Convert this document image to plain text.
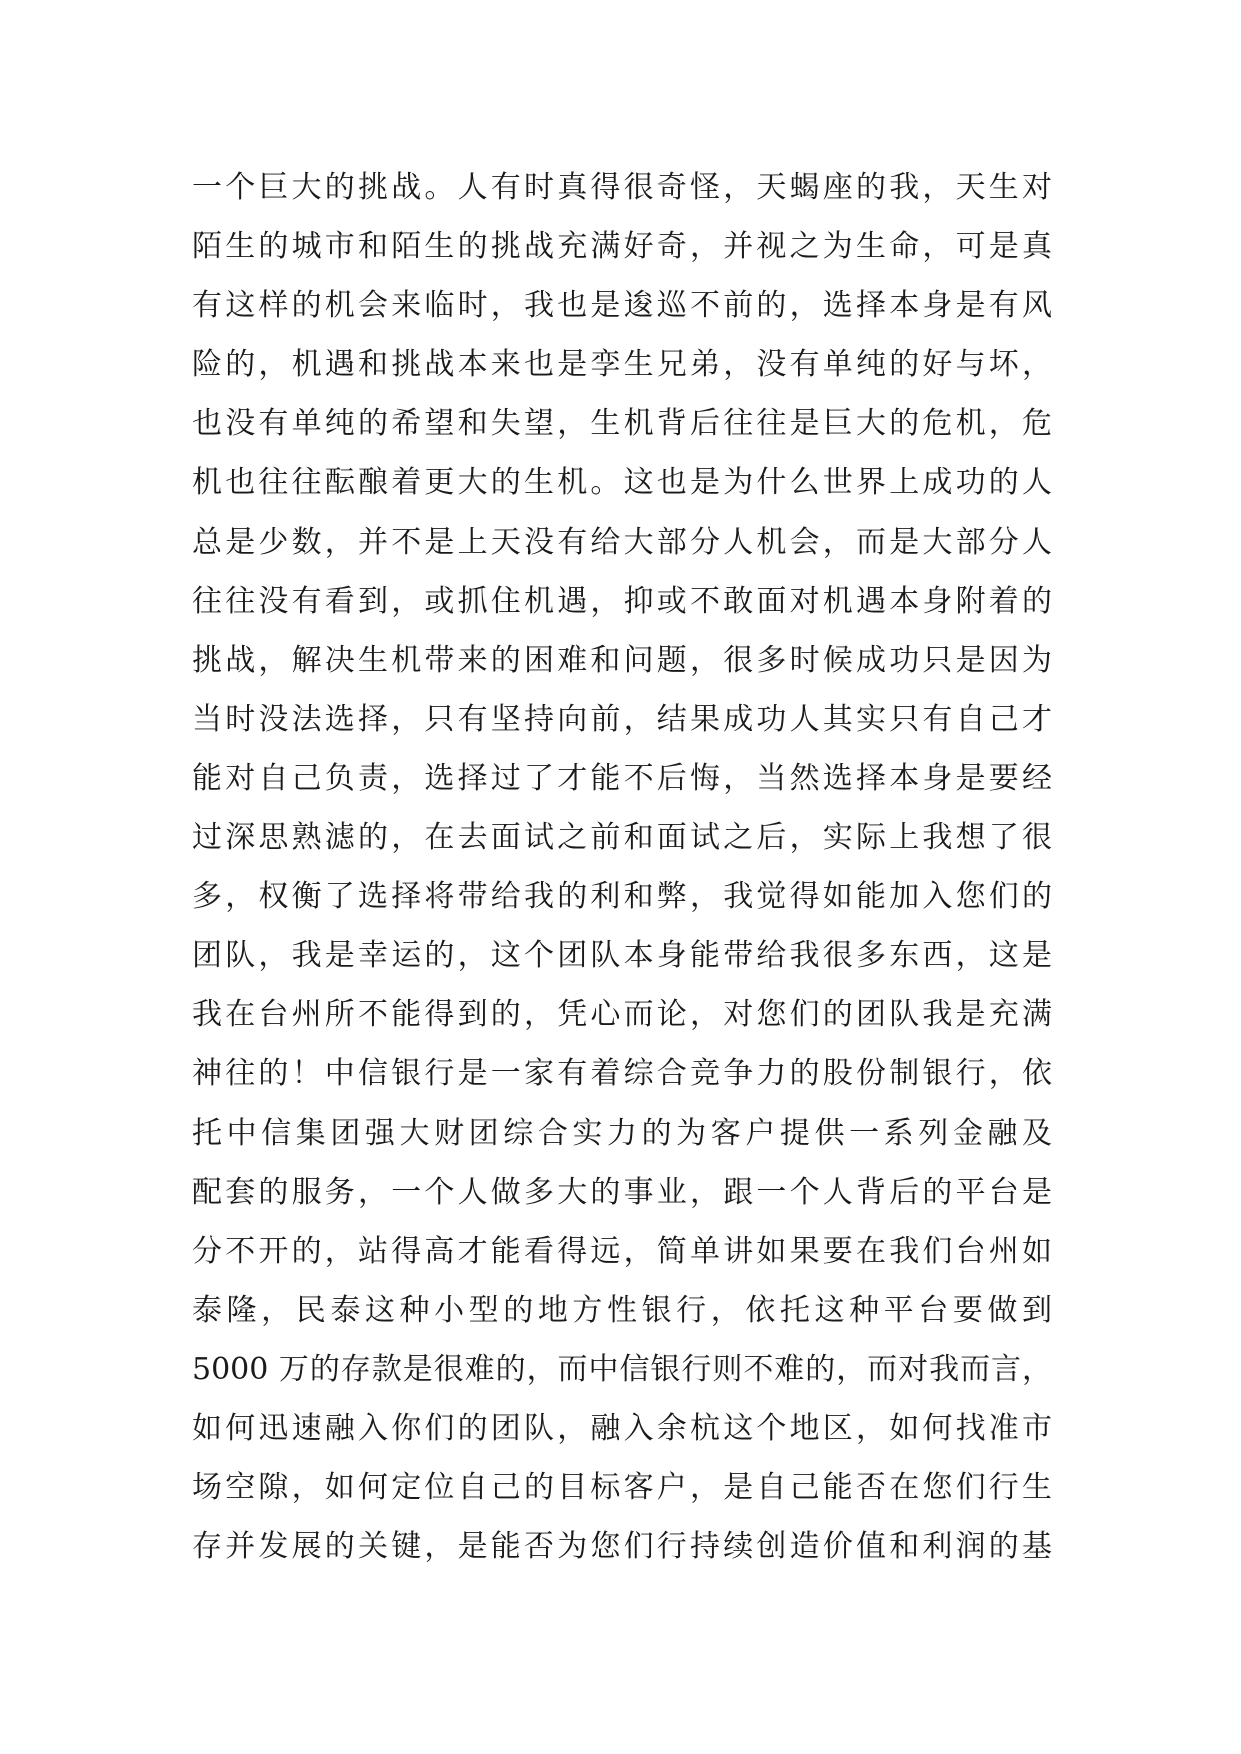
一个巨大的挑战。人有时真得很奇怪，天蝎座的我，天生对
陌生的城市和陌生的挑战充满好奇，并视之为生命，可是真
有这样的机会来临时，我也是逡巡不前的，选择本身是有风
险的，机遇和挑战本来也是孪生兄弟，没有单纯的好与坏，
也没有单纯的希望和失望，生机背后往往是巨大的危机，危
机也往往酝酿着更大的生机。这也是为什么世界上成功的人
总是少数，并不是上天没有给大部分人机会，而是大部分人
往往没有看到，或抓住机遇，抑或不敢面对机遇本身附着的
挑战，解决生机带来的困难和问题，很多时候成功只是因为
当时没法选择，只有坚持向前，结果成功人其实只有自己才
能对自己负责，选择过了才能不后悔，当然选择本身是要经
过深思熟滤的，在去面试之前和面试之后，实际上我想了很
多，权衡了选择将带给我的利和弊，我觉得如能加入您们的
团队，我是幸运的，这个团队本身能带给我很多东西，这是
我在台州所不能得到的，凭心而论，对您们的团队我是充满
神往的！中信银行是一家有着综合竞争力的股份制银行，依
托中信集团强大财团综合实力的为客户提供一系列金融及
配套的服务，一个人做多大的事业，跟一个人背后的平台是
分不开的，站得高才能看得远，简单讲如果要在我们台州如
泰隆，民泰这种小型的地方性银行，依托这种平台要做到
5000 万的存款是很难的，而中信银行则不难的，而对我而言，
如何迅速融入你们的团队，融入余杭这个地区，如何找准市
场空隙，如何定位自己的目标客户，是自己能否在您们行生
存并发展的关键，是能否为您们行持续创造价值和利润的基
